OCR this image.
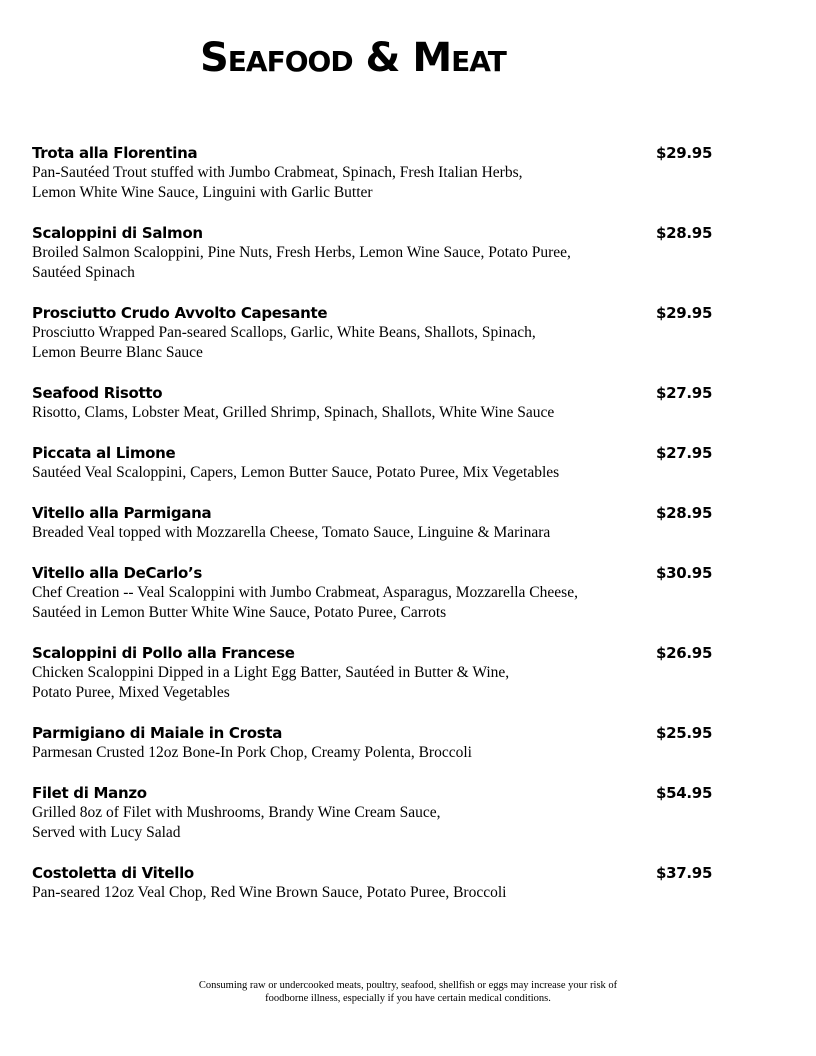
Seafood & Meat
Trota alla Florentina	$29.95
Pan-Sautéed Trout stuffed with Jumbo Crabmeat, Spinach, Fresh Italian Herbs,
Lemon White Wine Sauce, Linguini with Garlic Butter
Scaloppini di Salmon	$28.95
Broiled Salmon Scaloppini, Pine Nuts, Fresh Herbs, Lemon Wine Sauce, Potato Puree,
Sautéed Spinach
Prosciutto Crudo Avvolto Capesante	$29.95
Prosciutto Wrapped Pan-seared Scallops, Garlic, White Beans, Shallots, Spinach,
Lemon Beurre Blanc Sauce
Seafood Risotto	$27.95
Risotto, Clams, Lobster Meat, Grilled Shrimp, Spinach, Shallots, White Wine Sauce
Piccata al Limone	$27.95
Sautéed Veal Scaloppini, Capers, Lemon Butter Sauce, Potato Puree, Mix Vegetables
Vitello alla Parmigana	$28.95
Breaded Veal topped with Mozzarella Cheese, Tomato Sauce, Linguine & Marinara
Vitello alla DeCarlo’s	$30.95
Chef Creation -- Veal Scaloppini with Jumbo Crabmeat, Asparagus, Mozzarella Cheese,
Sautéed in Lemon Butter White Wine Sauce, Potato Puree, Carrots
Scaloppini di Pollo alla Francese	$26.95
Chicken Scaloppini Dipped in a Light Egg Batter, Sautéed in Butter & Wine,
Potato Puree, Mixed Vegetables
Parmigiano di Maiale in Crosta	$25.95
Parmesan Crusted 12oz Bone-In Pork Chop, Creamy Polenta, Broccoli
Filet di Manzo	$54.95
Grilled 8oz of Filet with Mushrooms, Brandy Wine Cream Sauce,
Served with Lucy Salad
Costoletta di Vitello	$37.95
Pan-seared 12oz Veal Chop, Red Wine Brown Sauce, Potato Puree, Broccoli
Consuming raw or undercooked meats, poultry, seafood, shellfish or eggs may increase your risk of
foodborne illness, especially if you have certain medical conditions.
